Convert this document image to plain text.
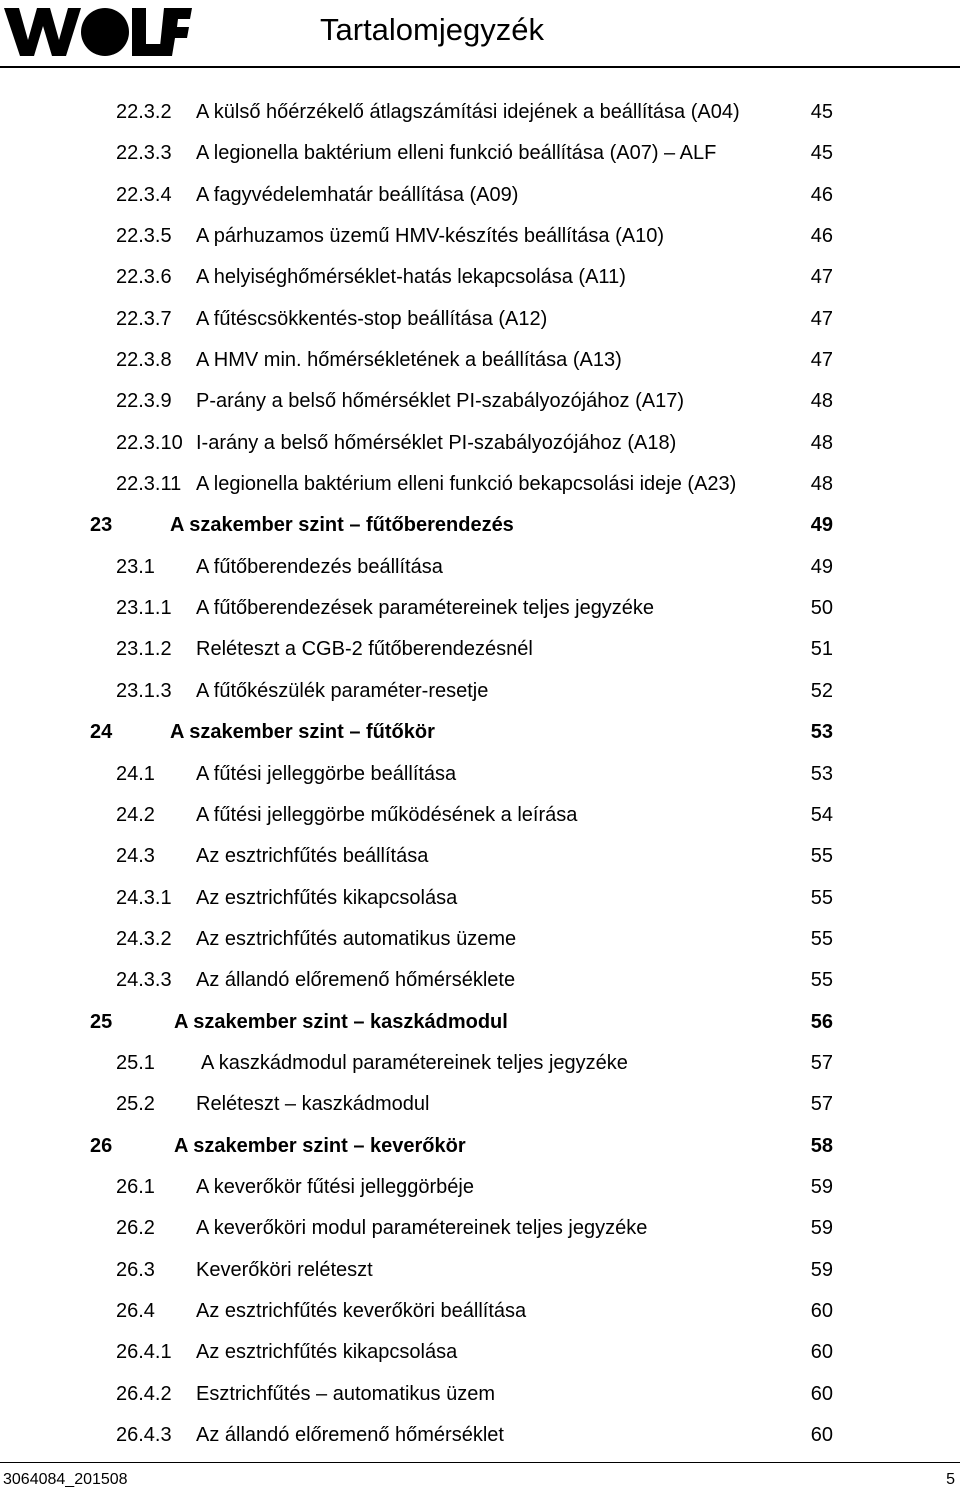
Tartalomjegyzék
22.3.2 A külső hőérzékelő átlagszámítási idejének a beállítása (A04)	45
22.3.3 A legionella baktérium elleni funkció beállítása (A07) – ALF	45
22.3.4 A fagyvédelemhatár beállítása (A09)	46
22.3.5 A párhuzamos üzemű HMV-készítés beállítása (A10)	46
22.3.6 A helyiséghőmérséklet-hatás lekapcsolása (A11)	47
22.3.7 A fűtéscsökkentés-stop beállítása (A12)	47
22.3.8 A HMV min. hőmérsékletének a beállítása (A13)	47
22.3.9 P-arány a belső hőmérséklet PI-szabályozójához (A17)	48
22.3.10 I-arány a belső hőmérséklet PI-szabályozójához (A18)	48
22.3.11 A legionella baktérium elleni funkció bekapcsolási ideje (A23)	48
23	A szakember szint – fűtőberendezés	49
23.1 A fűtőberendezés beállítása	49
23.1.1 A fűtőberendezések paramétereinek teljes jegyzéke	50
23.1.2 Reléteszt a CGB-2 fűtőberendezésnél	51
23.1.3 A fűtőkészülék paraméter-resetje	52
24	A szakember szint – fűtőkör	53
24.1 A fűtési jelleggörbe beállítása	53
24.2 A fűtési jelleggörbe működésének a leírása	54
24.3 Az esztrichfűtés beállítása	55
24.3.1 Az esztrichfűtés kikapcsolása	55
24.3.2 Az esztrichfűtés automatikus üzeme	55
24.3.3 Az állandó előremenő hőmérséklete	55
25	A szakember szint – kaszkádmodul	56
25.1 A kaszkádmodul paramétereinek teljes jegyzéke	57
25.2 Reléteszt – kaszkádmodul	57
26	A szakember szint – keverőkör	58
26.1 A keverőkör fűtési jelleggörbéje	59
26.2 A keverőköri modul paramétereinek teljes jegyzéke	59
26.3 Keverőköri reléteszt	59
26.4 Az esztrichfűtés keverőköri beállítása	60
26.4.1 Az esztrichfűtés kikapcsolása	60
26.4.2 Esztrichfűtés – automatikus üzem	60
26.4.3 Az állandó előremenő hőmérséklet	60
3064084_201508	5
